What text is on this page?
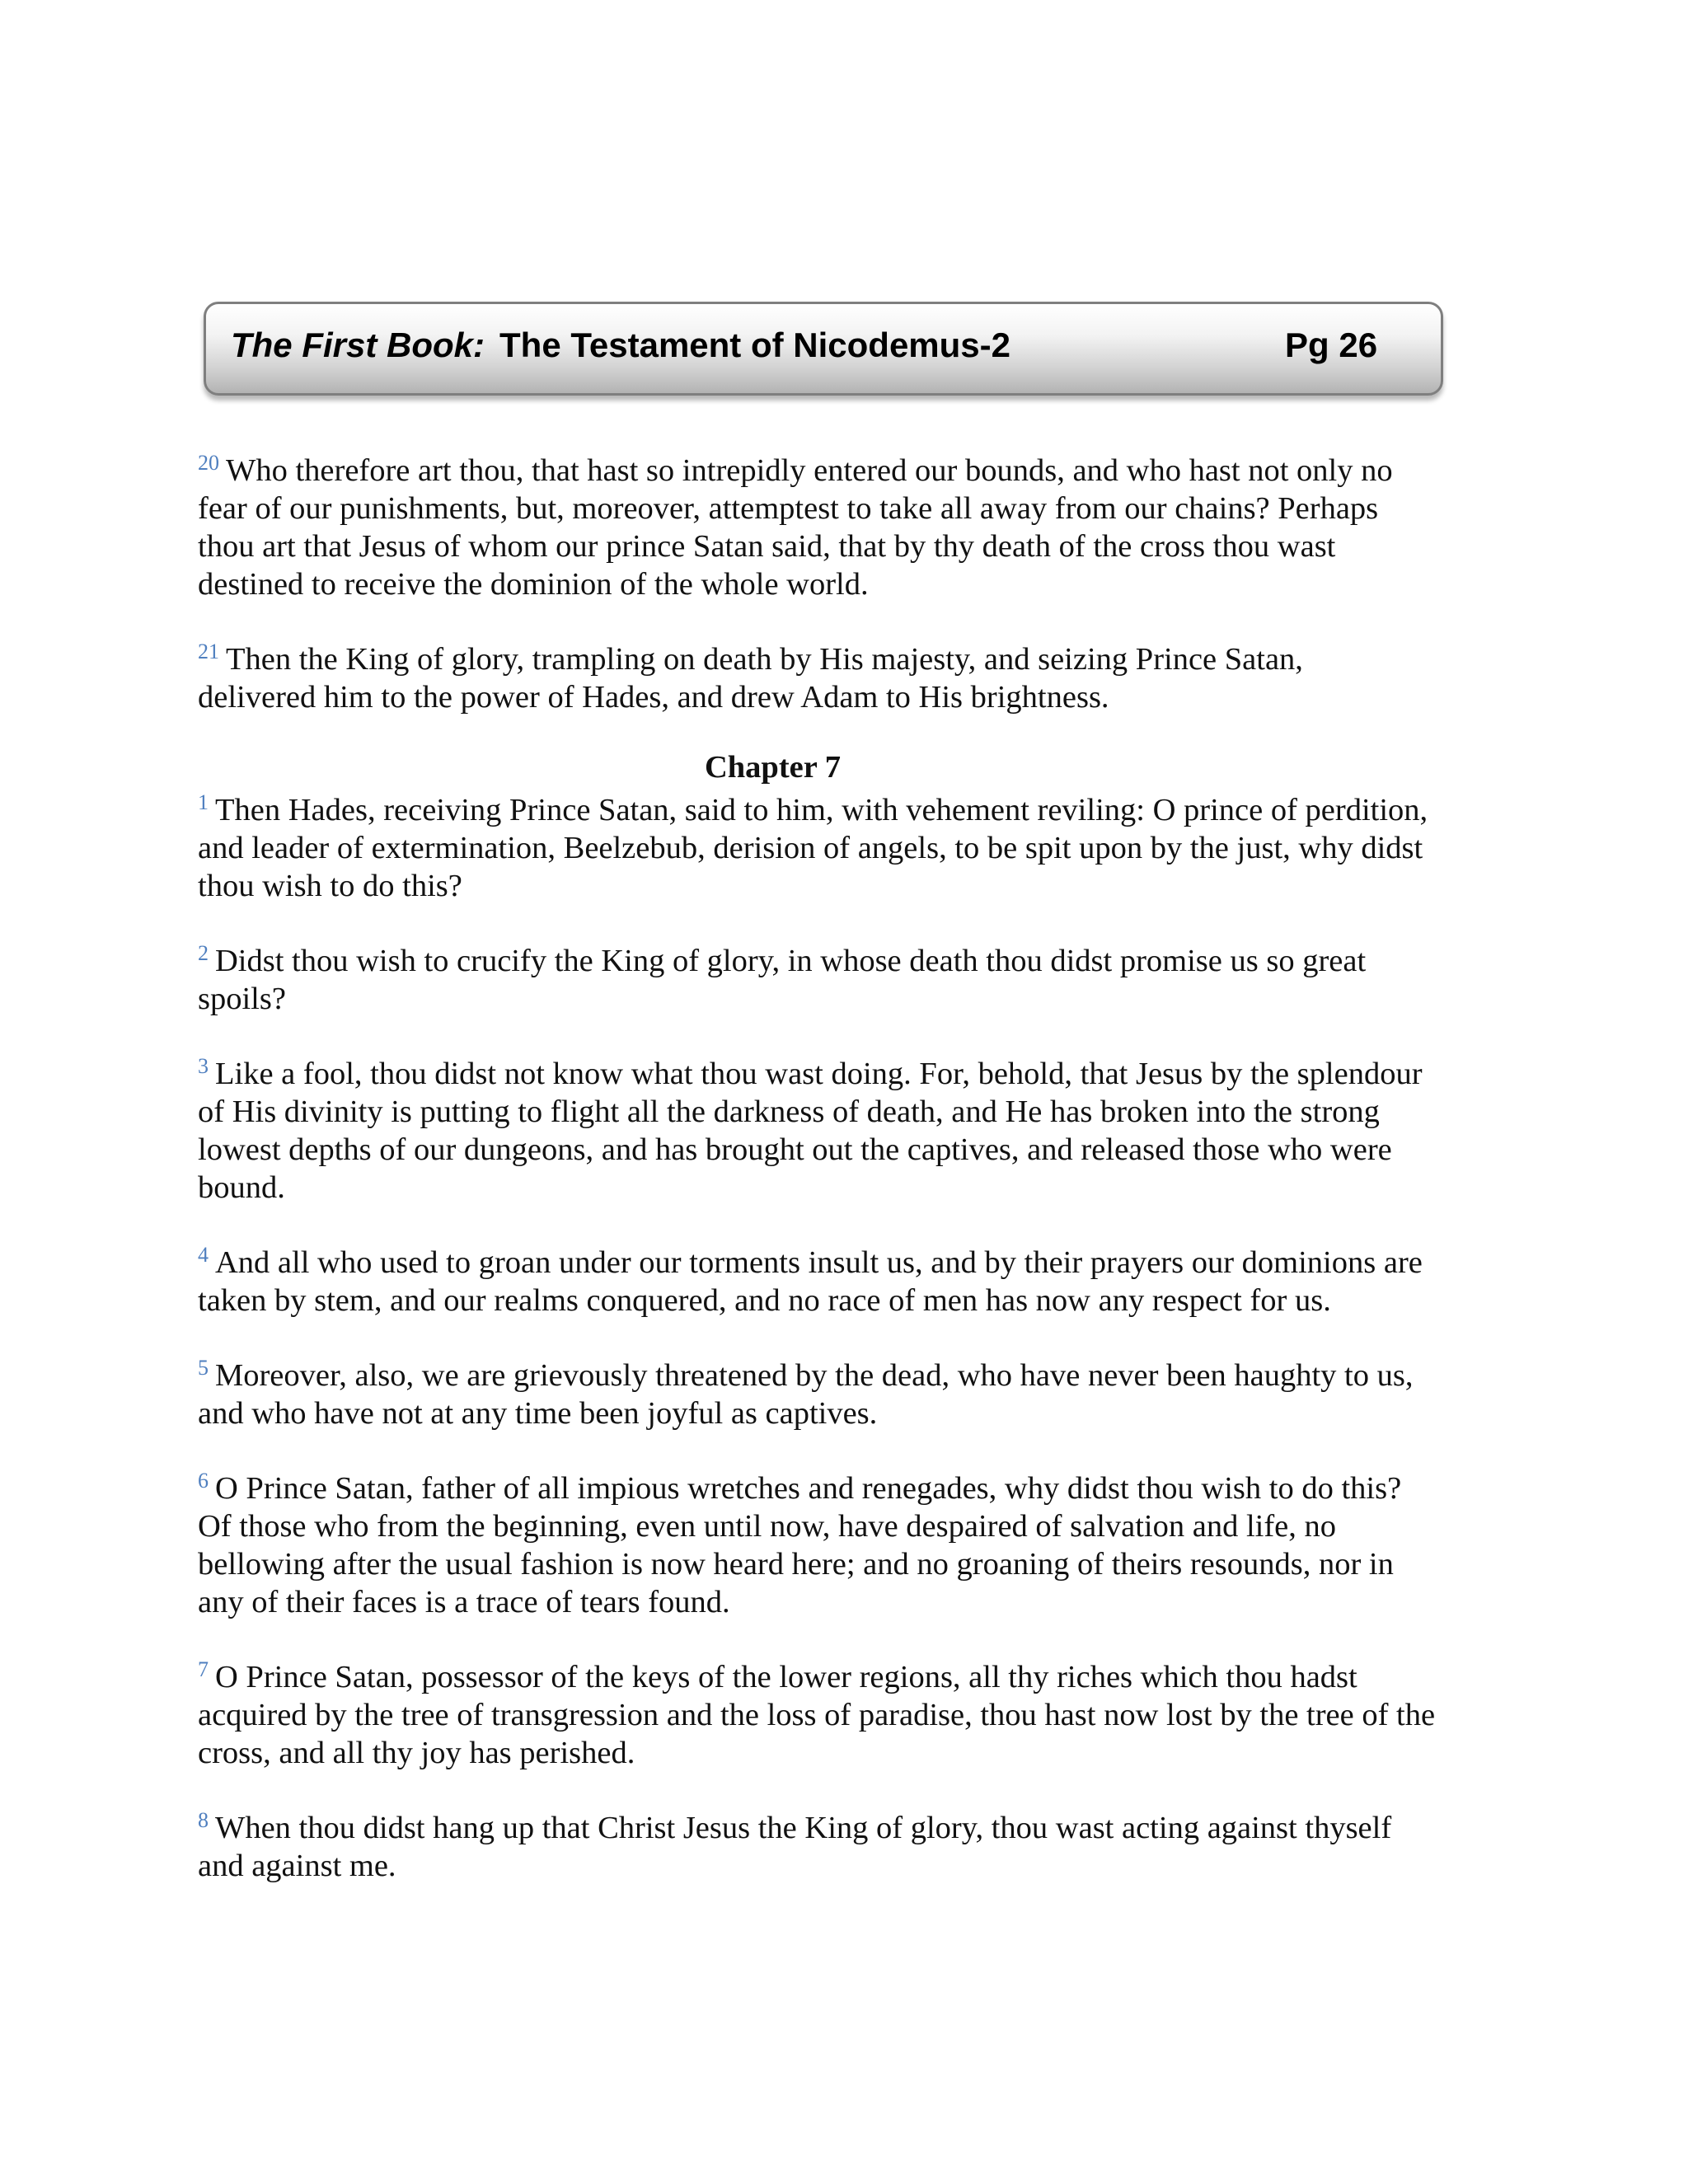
The First Book: The Testament of Nicodemus-2	Pg 26

$^{20}$ Who therefore art thou, that hast so intrepidly entered our bounds, and who hast not only no
fear of our punishments, but, moreover, attemptest to take all away from our chains? Perhaps
thou art that Jesus of whom our prince Satan said, that by thy death of the cross thou wast
destined to receive the dominion of the whole world.

$^{21}$ Then the King of glory, trampling on death by His majesty, and seizing Prince Satan,
delivered him to the power of Hades, and drew Adam to His brightness.

Chapter 7

$^1$ Then Hades, receiving Prince Satan, said to him, with vehement reviling: O prince of perdition,
and leader of extermination, Beelzebub, derision of angels, to be spit upon by the just, why didst
thou wish to do this?

$^2$ Didst thou wish to crucify the King of glory, in whose death thou didst promise us so great
spoils?

$^3$ Like a fool, thou didst not know what thou wast doing. For, behold, that Jesus by the splendour
of His divinity is putting to flight all the darkness of death, and He has broken into the strong
lowest depths of our dungeons, and has brought out the captives, and released those who were
bound.

$^4$ And all who used to groan under our torments insult us, and by their prayers our dominions are
taken by stem, and our realms conquered, and no race of men has now any respect for us.

$^5$ Moreover, also, we are grievously threatened by the dead, who have never been haughty to us,
and who have not at any time been joyful as captives.

$^6$ O Prince Satan, father of all impious wretches and renegades, why didst thou wish to do this?
Of those who from the beginning, even until now, have despaired of salvation and life, no
bellowing after the usual fashion is now heard here; and no groaning of theirs resounds, nor in
any of their faces is a trace of tears found.

$^7$ O Prince Satan, possessor of the keys of the lower regions, all thy riches which thou hadst
acquired by the tree of transgression and the loss of paradise, thou hast now lost by the tree of the
cross, and all thy joy has perished.

$^8$ When thou didst hang up that Christ Jesus the King of glory, thou wast acting against thyself
and against me.
